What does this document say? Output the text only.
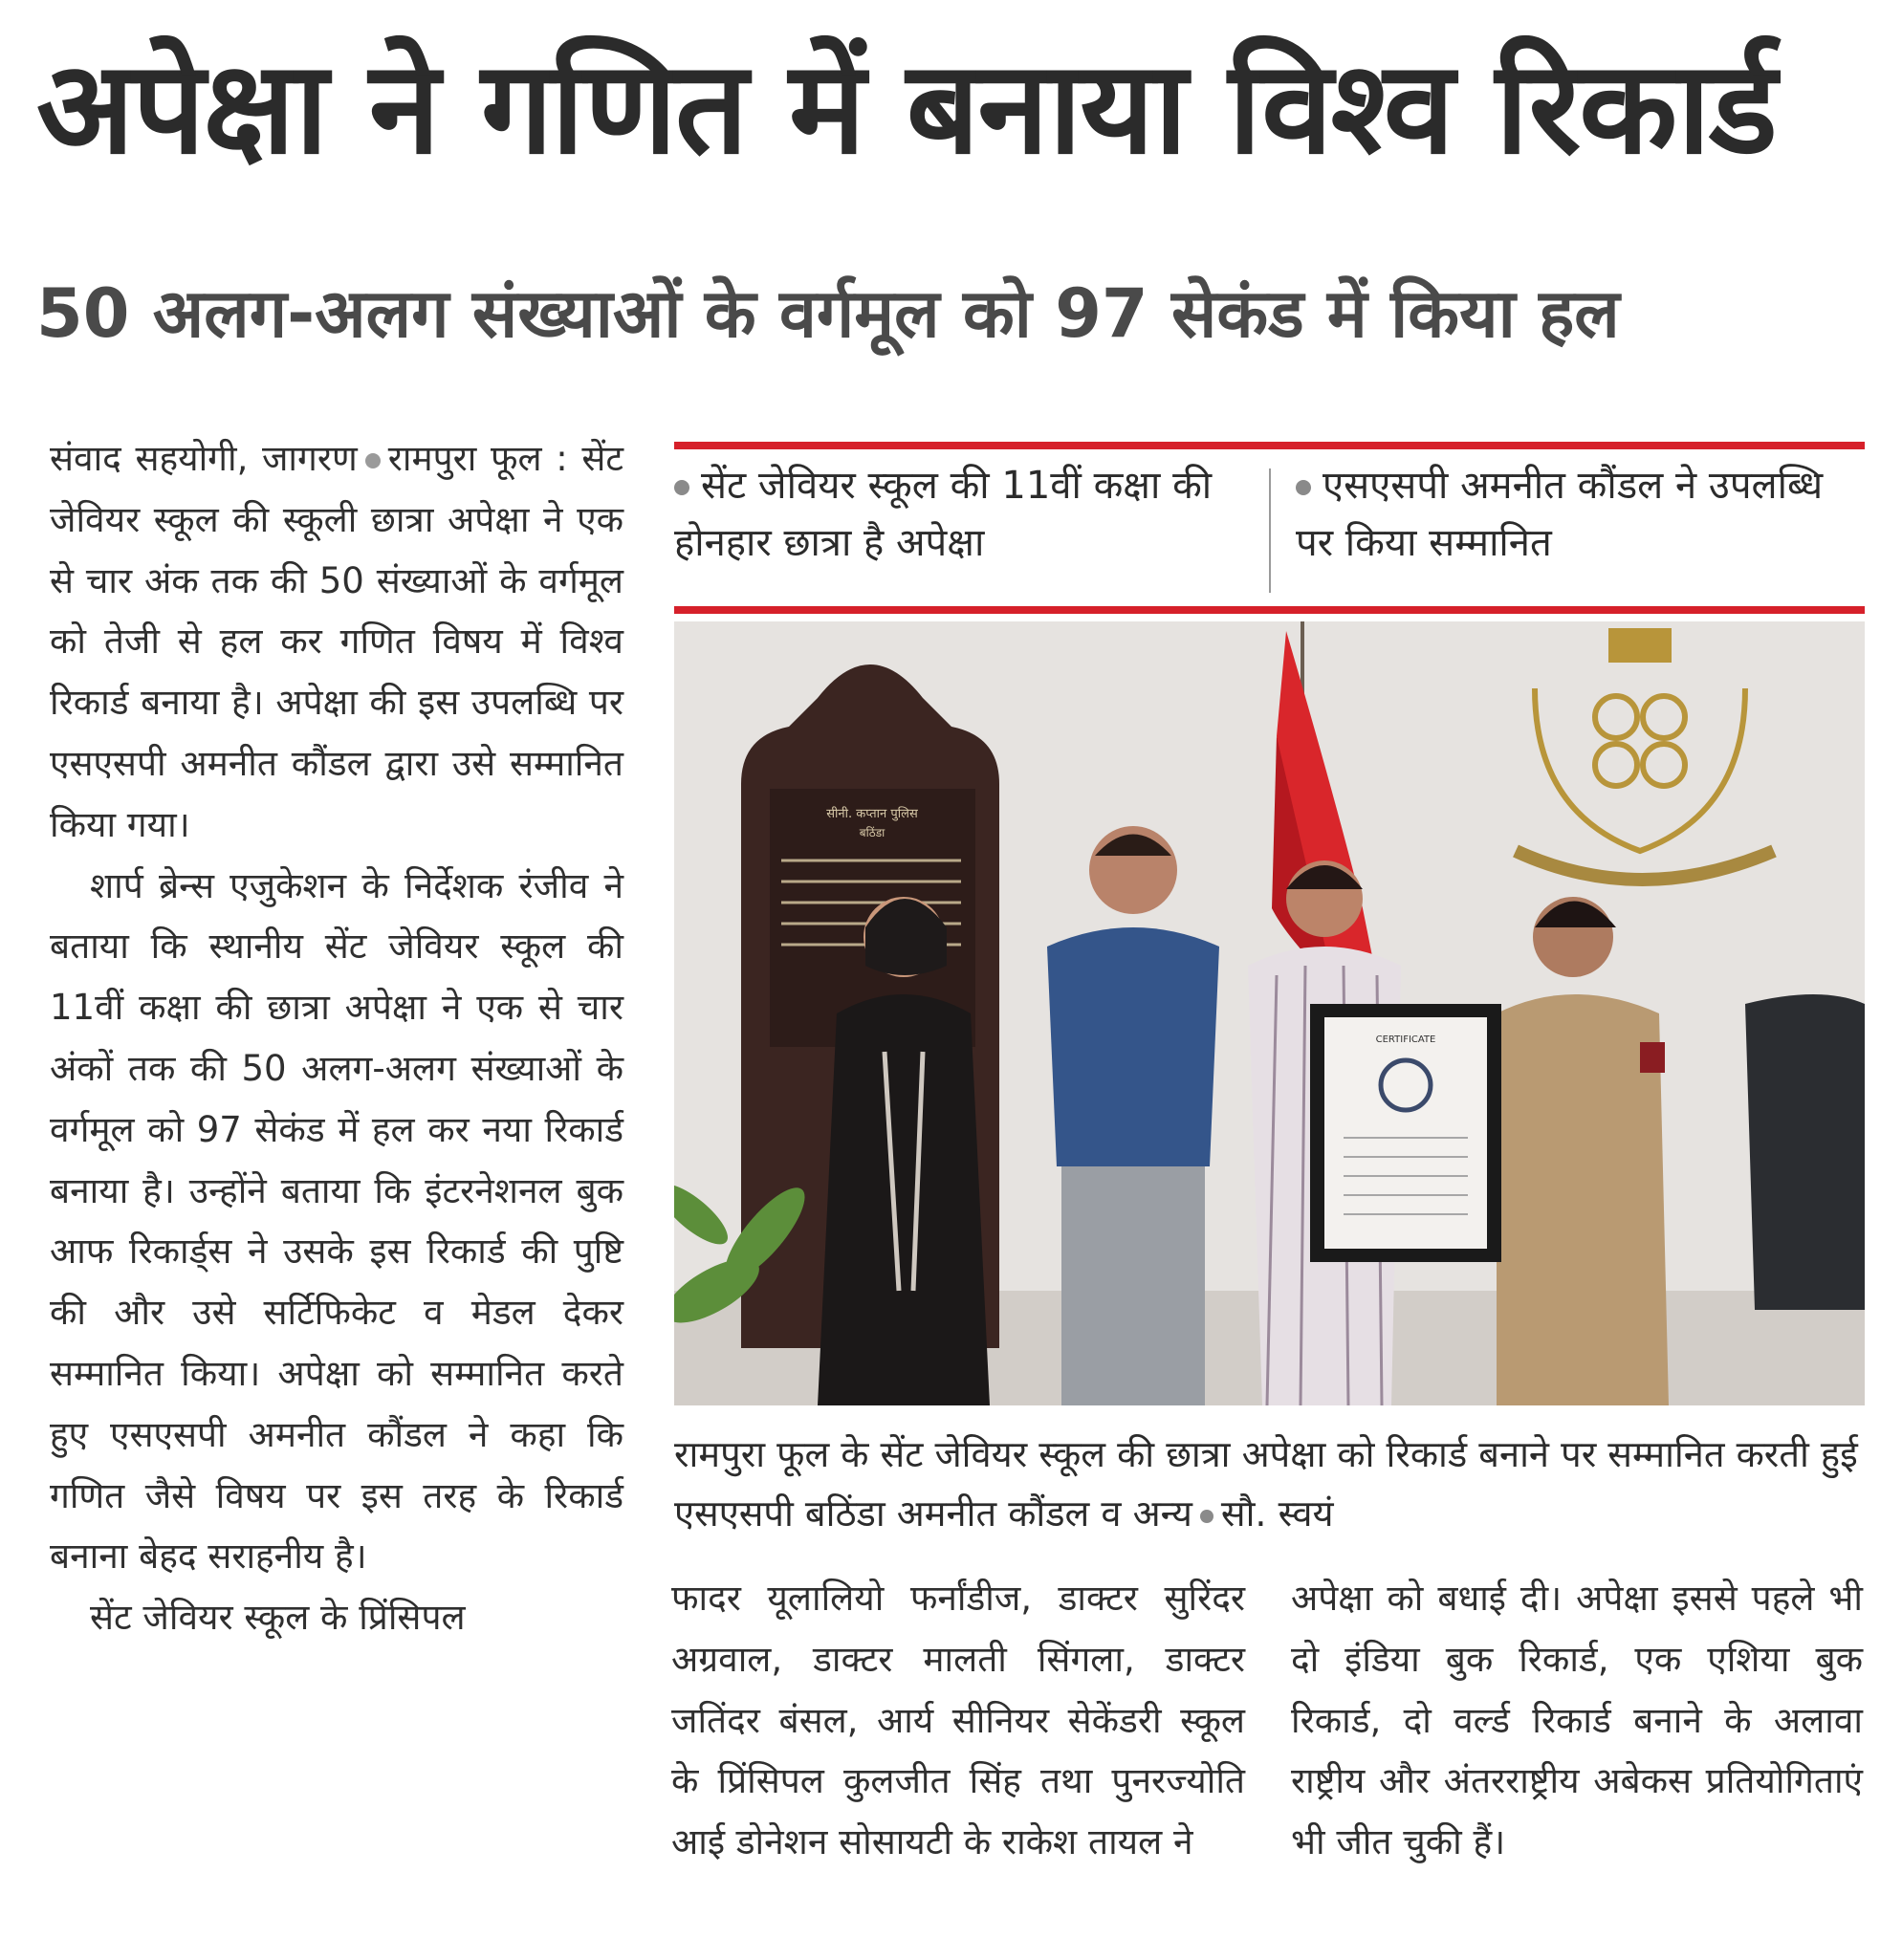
अपेक्षा ने गणित में बनाया विश्व रिकार्ड
50 अलग-अलग संख्याओं के वर्गमूल को 97 सेकंड में किया हल

संवाद सहयोगी, जागरण रामपुरा फूल : सेंट जेवियर स्कूल की स्कूली छात्रा अपेक्षा ने एक से चार अंक तक की 50 संख्याओं के वर्गमूल को तेजी से हल कर गणित विषय में विश्व रिकार्ड बनाया है। अपेक्षा की इस उपलब्धि पर एसएसपी अमनीत कौंडल द्वारा उसे सम्मानित किया गया।

शार्प ब्रेन्स एजुकेशन के निर्देशक रंजीव ने बताया कि स्थानीय सेंट जेवियर स्कूल की 11वीं कक्षा की छात्रा अपेक्षा ने एक से चार अंकों तक की 50 अलग-अलग संख्याओं के वर्गमूल को 97 सेकंड में हल कर नया रिकार्ड बनाया है। उन्होंने बताया कि इंटरनेशनल बुक आफ रिकार्ड्स ने उसके इस रिकार्ड की पुष्टि की और उसे सर्टिफिकेट व मेडल देकर सम्मानित किया। अपेक्षा को सम्मानित करते हुए एसएसपी अमनीत कौंडल ने कहा कि गणित जैसे विषय पर इस तरह के रिकार्ड बनाना बेहद सराहनीय है।

सेंट जेवियर स्कूल के प्रिंसिपल

सेंट जेवियर स्कूल की 11वीं कक्षा की होनहार छात्रा है अपेक्षा
एसएसपी अमनीत कौंडल ने उपलब्धि पर किया सम्मानित
सीनी. कप्तान पुलिस
बठिंडा
CERTIFICATE
रामपुरा फूल के सेंट जेवियर स्कूल की छात्रा अपेक्षा को रिकार्ड बनाने पर सम्मानित करती हुई एसएसपी बठिंडा अमनीत कौंडल व अन्य सौ. स्वयं

फादर यूलालियो फर्नांडीज, डाक्टर सुरिंदर अग्रवाल, डाक्टर मालती सिंगला, डाक्टर जतिंदर बंसल, आर्य सीनियर सेकेंडरी स्कूल के प्रिंसिपल कुलजीत सिंह तथा पुनरज्योति आई डोनेशन सोसायटी के राकेश तायल ने

अपेक्षा को बधाई दी। अपेक्षा इससे पहले भी दो इंडिया बुक रिकार्ड, एक एशिया बुक रिकार्ड, दो वर्ल्ड रिकार्ड बनाने के अलावा राष्ट्रीय और अंतरराष्ट्रीय अबेकस प्रतियोगिताएं भी जीत चुकी हैं।
